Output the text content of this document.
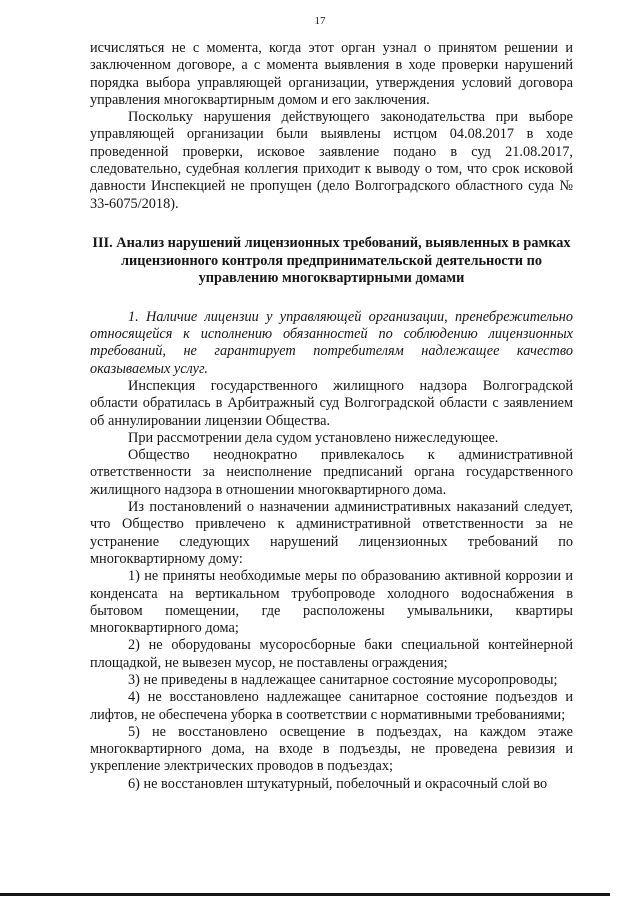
17

исчисляться не с момента, когда этот орган узнал о принятом решении и заключенном договоре, а с момента выявления в ходе проверки нарушений порядка выбора управляющей организации, утверждения условий договора управления многоквартирным домом и его заключения.

Поскольку нарушения действующего законодательства при выборе управляющей организации были выявлены истцом 04.08.2017 в ходе проведенной проверки, исковое заявление подано в суд 21.08.2017, следовательно, судебная коллегия приходит к выводу о том, что срок исковой давности Инспекцией не пропущен (дело Волгоградского областного суда № 33-6075/2018).

III. Анализ нарушений лицензионных требований, выявленных в рамках лицензионного контроля предпринимательской деятельности по управлению многоквартирными домами

1. Наличие лицензии у управляющей организации, пренебрежительно относящейся к исполнению обязанностей по соблюдению лицензионных требований, не гарантирует потребителям надлежащее качество оказываемых услуг.

Инспекция государственного жилищного надзора Волгоградской области обратилась в Арбитражный суд Волгоградской области с заявлением об аннулировании лицензии Общества.

При рассмотрении дела судом установлено нижеследующее.

Общество неоднократно привлекалось к административной ответственности за неисполнение предписаний органа государственного жилищного надзора в отношении многоквартирного дома.

Из постановлений о назначении административных наказаний следует, что Общество привлечено к административной ответственности за не устранение следующих нарушений лицензионных требований по многоквартирному дому:

1) не приняты необходимые меры по образованию активной коррозии и конденсата на вертикальном трубопроводе холодного водоснабжения в бытовом помещении, где расположены умывальники, квартиры многоквартирного дома;

2) не оборудованы мусоросборные баки специальной контейнерной площадкой, не вывезен мусор, не поставлены ограждения;

3) не приведены в надлежащее санитарное состояние мусоропроводы;

4) не восстановлено надлежащее санитарное состояние подъездов и лифтов, не обеспечена уборка в соответствии с нормативными требованиями;

5) не восстановлено освещение в подъездах, на каждом этаже многоквартирного дома, на входе в подъезды, не проведена ревизия и укрепление электрических проводов в подъездах;

6) не восстановлен штукатурный, побелочный и окрасочный слой во
